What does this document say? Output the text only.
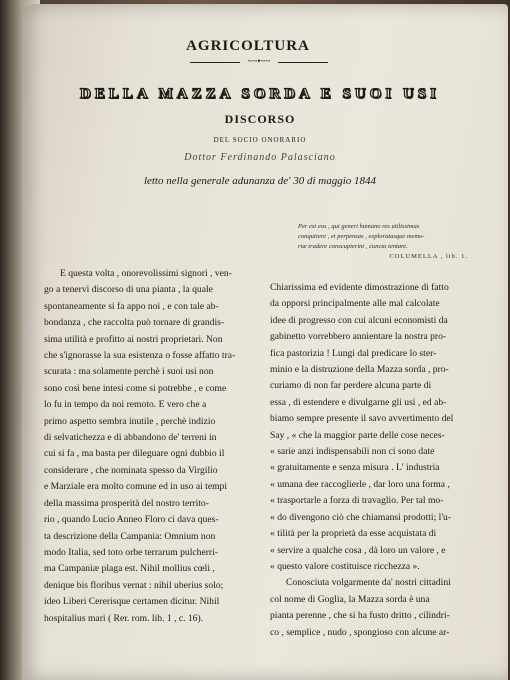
AGRICOLTURA
~~•~~
DELLA MAZZA SORDA E SUOI USI
DISCORSO
DEL SOCIO ONORARIO
Dottor Ferdinando Palasciano
letto nella generale adunanza de' 30 di maggio 1844
Per est eos , qui generi humano res utilissimas
conquirere , et perpensas , exploratasque memo-
riæ tradere conscupierint , cuncta tentare.
COLUMELLA , lib. 1.
E questa volta , onorevolissimi signori , ven-
go a tenervi discorso di una pianta , la quale
spontaneamente si fa appo noi , e con tale ab-
bondanza , che raccolta può tornare di grandis-
sima utilità e profitto ai nostri proprietari. Non
che s'ignorasse la sua esistenza o fosse affatto tra-
scurata : ma solamente perchè i suoi usi non
sono così bene intesi come si potrebbe , e come
lo fu in tempo da noi remoto. E vero che a
primo aspetto sembra inutile , perchè indizio
di selvatichezza e di abbandono de' terreni in
cui si fa , ma basta per dileguare ogni dubbio il
considerare , che nominata spesso da Virgilio
e Marziale era molto comune ed in uso ai tempi
della massima prosperità del nostro territo-
rio , quando Lucio Anneo Floro ci dava ques-
ta descrizione della Campania: Omnium non
modo Italia, sed toto orbe terrarum pulcherri-
ma Campaniæ plaga est. Nihil mollius cœli ,
denique bis floribus vernat : nihil uberius solo;
ideo Liberi Cererisque certamen dicitur. Nihil
hospitalius mari ( Rer. rom. lib. 1 , c. 16).
Chiarissima ed evidente dimostrazione di fatto
da opporsi principalmente alle mal calcolate
idee di progresso con cui alcuni economisti da
gabinetto vorrebbero annientare la nostra pro-
fica pastorizia ! Lungi dal predicare lo ster-
minio e la distruzione della Mazza sorda , pro-
curiamo di non far perdere alcuna parte di
essa , di estendere e divulgarne gli usi , ed ab-
biamo sempre presente il savo avvertimento del
Say , « che la maggior parte delle cose neces-
« sarie anzi indispensabili non ci sono date
« gratuitamente e senza misura . L' industria
« umana dee raccoglierle , dar loro una forma ,
« trasportarle a forza di travaglio. Per tal mo-
« do divengono ciò che chiamansi prodotti; l'u-
« tilità per la proprietà da esse acquistata di
« servire a qualche cosa , dà loro un valore , e
« questo valore costituisce ricchezza ».
Conosciuta volgarmente da' nostri cittadini
col nome di Goglia, la Mazza sorda è una
pianta perenne , che si ha fusto dritto , cilindri-
co , semplice , nudo , spongioso con alcune ar-
